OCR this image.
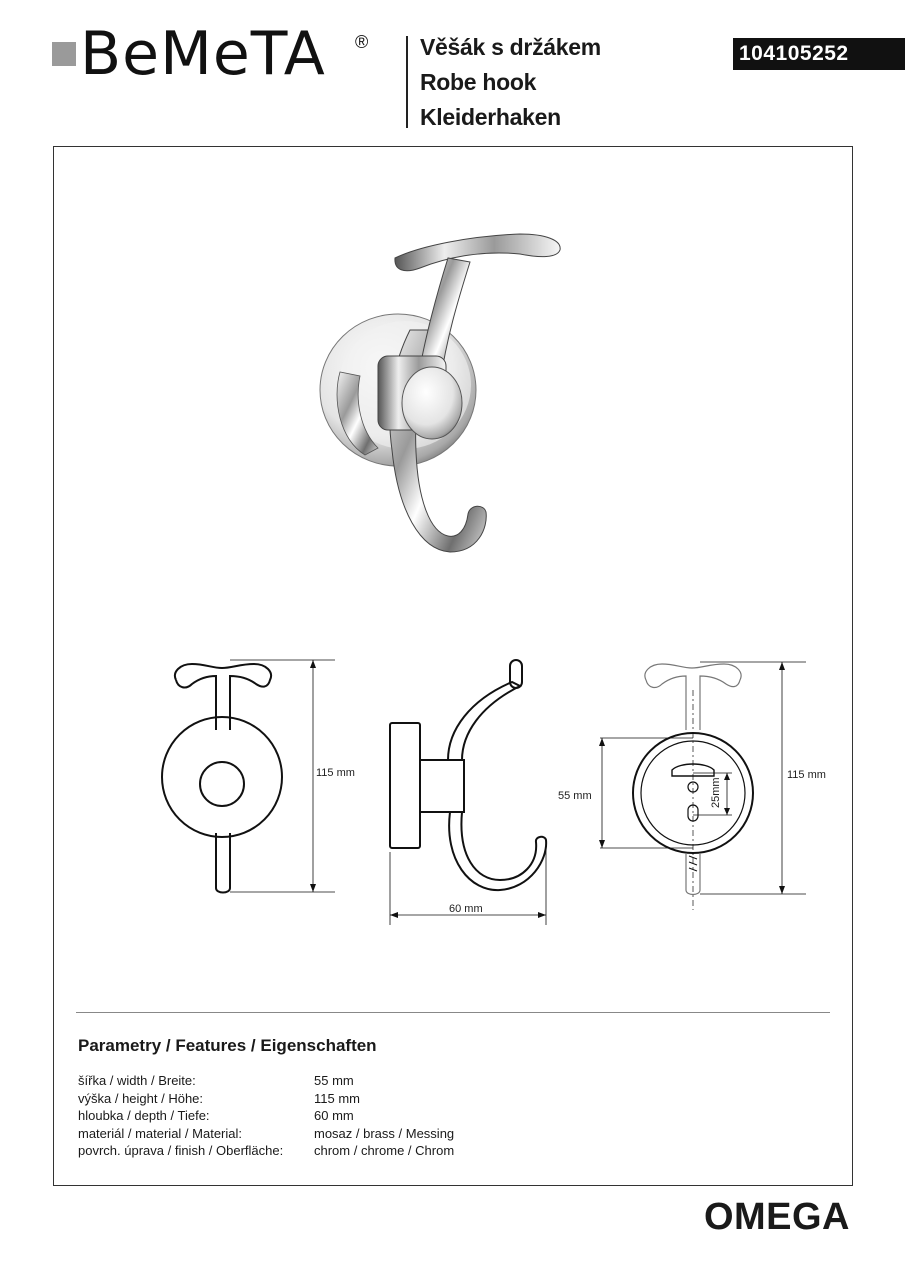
BeMeTA ® Věšák s držákem
Robe hook
Kleiderhaken
104105252
115 mm
60 mm
55 mm	25mm
115 mm
Parametry / Features / Eigenschaften
šířka / width / Breite:	55 mm
výška / height / Höhe:	115 mm
hloubka / depth / Tiefe:	60 mm
materiál / material / Material:	mosaz / brass / Messing
povrch. úprava / finish / Oberfläche: chrom / chrome / Chrom
OMEGA
